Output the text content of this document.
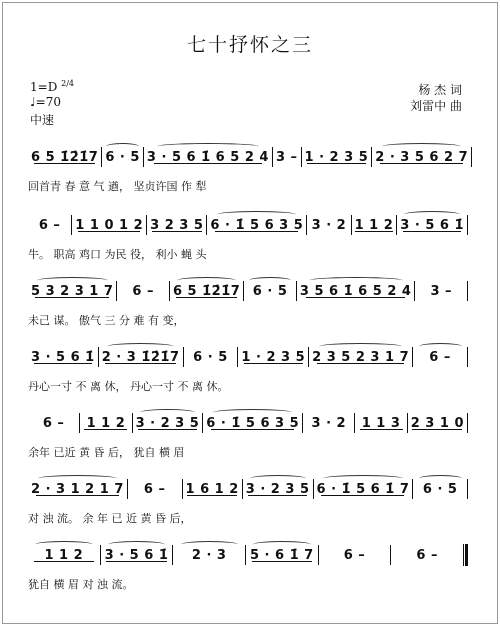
七十抒怀之三
1=D $^{2/4}$
♩=70
中速
杨 杰 词
刘雷中 曲
6 5 1̇2̇1̇7 6 · 5 3 · 5 6 1̇ 6 5 2 4 3 – 1 · 2 3 5 2 · 3 5 6 2 7
回首青 春 意 气 遒， 坚贞许国 作 犁
6 –	1 1 0 1 2 3 2 3 5 6 · 1̇ 5 6 3 5 3 · 2 1 1 2 3 · 5 6 1̇
牛。 职高 鸡口 为民 役， 利小 蝇 头
5 3 2 3 1 7	6 –	6 5 1̇2̇1̇7 6 · 5 3 5 6 1̇ 6 5 2 4	3 –
未己 谋。 傲气 三 分 难 有 变，
3 · 5 6 1̇ 2 · 3 1̇2̇1̇7	6 · 5	1 · 2 3 5 2 3 5 2 3 1 7	6 –
丹心一寸 不 离 休， 丹心一寸 不 离 休。
6 –	1 1 2 3 · 2 3 5 6 · 1̇ 5 6 3 5 3 · 2	1 1 3 2 3 1 0
余年 已近 黄 昏 后， 犹自 横 眉
2 · 3 1 2 1 7	6 –	1 6 1 2 3 · 2 3 5 6 · 1̇ 5 6 1̇ 7	6 · 5
对 浊 流。 余 年 已 近 黄 昏 后，
1 1 2	3 · 5 6 1̇	2 · 3	5 · 6 1̇ 7	6 –	6 –
犹自 横 眉 对 浊 流。
